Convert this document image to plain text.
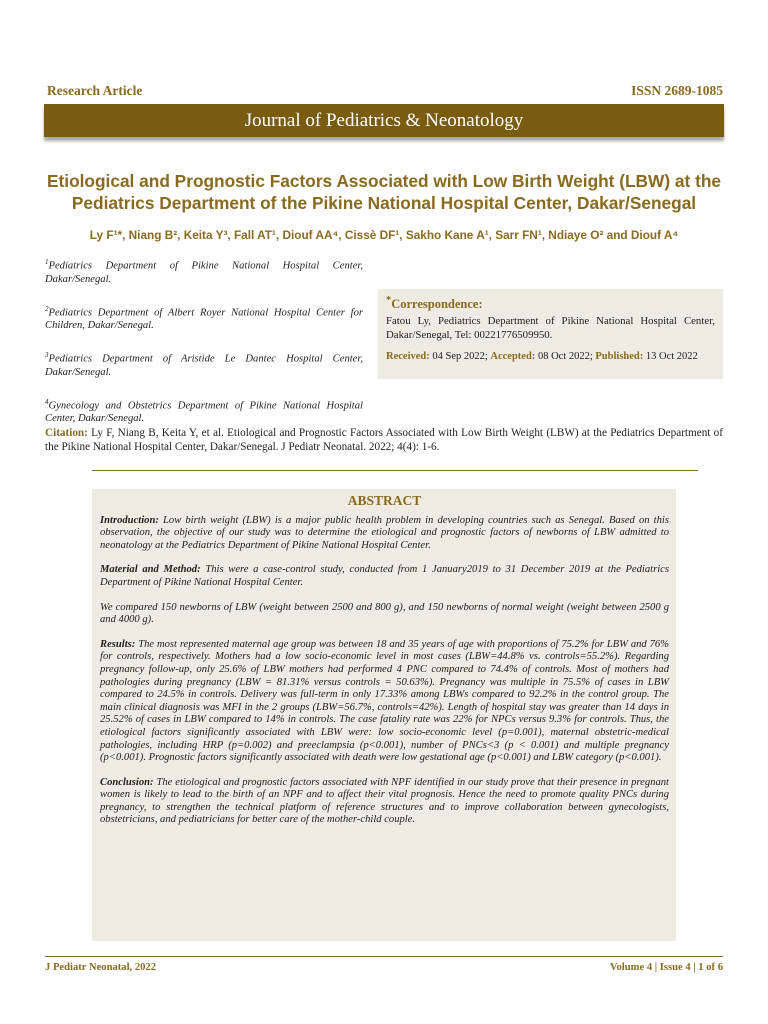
Research Article	ISSN 2689-1085
Journal of Pediatrics & Neonatology
Etiological and Prognostic Factors Associated with Low Birth Weight (LBW) at the Pediatrics Department of the Pikine National Hospital Center, Dakar/Senegal
Ly F¹*, Niang B², Keita Y³, Fall AT¹, Diouf AA⁴, Cissè DF¹, Sakho Kane A¹, Sarr FN¹, Ndiaye O² and Diouf A⁴

$^1$Pediatrics Department of Pikine National Hospital Center, Dakar/Senegal.

$^2$Pediatrics Department of Albert Royer National Hospital Center for Children, Dakar/Senegal.

$^3$Pediatrics Department of Aristide Le Dantec Hospital Center, Dakar/Senegal.

$^4$Gynecology and Obstetrics Department of Pikine National Hospital Center, Dakar/Senegal.

*Correspondence:
Fatou Ly, Pediatrics Department of Pikine National Hospital Center, Dakar/Senegal, Tel: 00221776509950.
Received: 04 Sep 2022; Accepted: 08 Oct 2022; Published: 13 Oct 2022
Citation: Ly F, Niang B, Keita Y, et al. Etiological and Prognostic Factors Associated with Low Birth Weight (LBW) at the Pediatrics Department of the Pikine National Hospital Center, Dakar/Senegal. J Pediatr Neonatal. 2022; 4(4): 1-6.
ABSTRACT

Introduction: Low birth weight (LBW) is a major public health problem in developing countries such as Senegal. Based on this observation, the objective of our study was to determine the etiological and prognostic factors of newborns of LBW admitted to neonatology at the Pediatrics Department of Pikine National Hospital Center.

Material and Method: This were a case-control study, conducted from 1 January2019 to 31 December 2019 at the Pediatrics Department of Pikine National Hospital Center.

We compared 150 newborns of LBW (weight between 2500 and 800 g), and 150 newborns of normal weight (weight between 2500 g and 4000 g).

Results: The most represented maternal age group was between 18 and 35 years of age with proportions of 75.2% for LBW and 76% for controls, respectively. Mothers had a low socio-economic level in most cases (LBW=44.8% vs. controls=55.2%). Regarding pregnancy follow-up, only 25.6% of LBW mothers had performed 4 PNC compared to 74.4% of controls. Most of mothers had pathologies during pregnancy (LBW = 81.31% versus controls = 50.63%). Pregnancy was multiple in 75.5% of cases in LBW compared to 24.5% in controls. Delivery was full-term in only 17.33% among LBWs compared to 92.2% in the control group. The main clinical diagnosis was MFI in the 2 groups (LBW=56.7%, controls=42%). Length of hospital stay was greater than 14 days in 25.52% of cases in LBW compared to 14% in controls. The case fatality rate was 22% for NPCs versus 9.3% for controls. Thus, the etiological factors significantly associated with LBW were: low socio-economic level (p=0.001), maternal obstetric-medical pathologies, including HRP (p=0.002) and preeclampsia (p<0.001), number of PNCs<3 (p < 0.001) and multiple pregnancy (p<0.001). Prognostic factors significantly associated with death were low gestational age (p<0.001) and LBW category (p<0.001).

Conclusion: The etiological and prognostic factors associated with NPF identified in our study prove that their presence in pregnant women is likely to lead to the birth of an NPF and to affect their vital prognosis. Hence the need to promote quality PNCs during pregnancy, to strengthen the technical platform of reference structures and to improve collaboration between gynecologists, obstetricians, and pediatricians for better care of the mother-child couple.

J Pediatr Neonatal, 2022	Volume 4 | Issue 4 | 1 of 6
